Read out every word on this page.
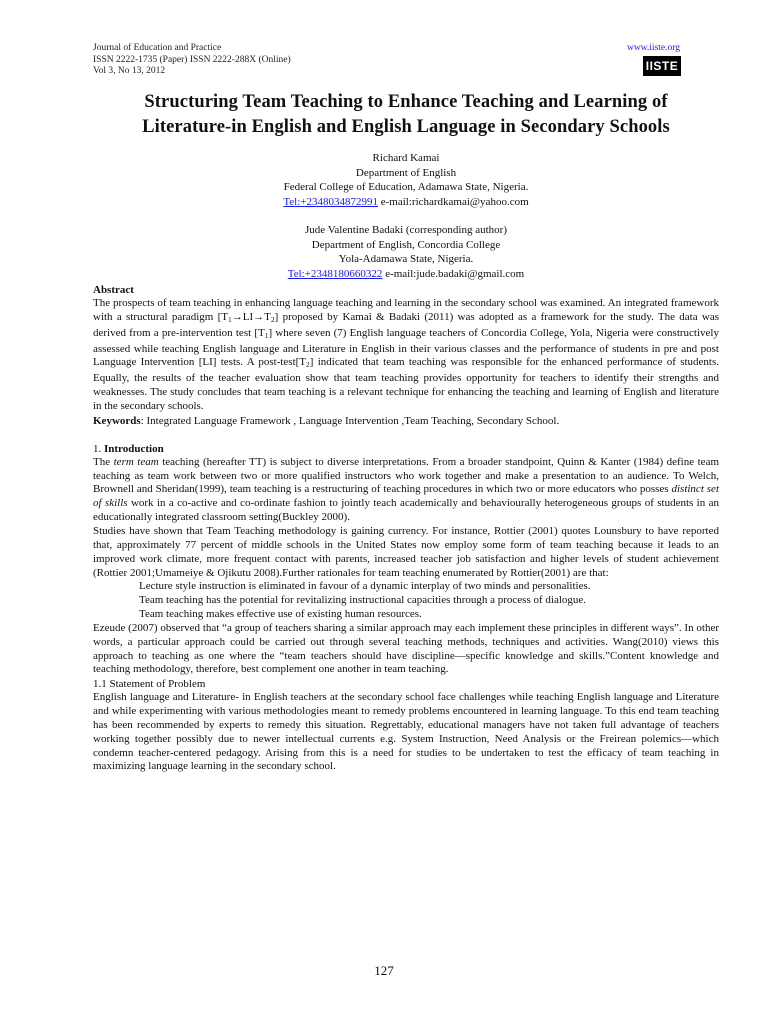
Journal of Education and Practice
ISSN 2222-1735 (Paper) ISSN 2222-288X (Online)
Vol 3, No 13, 2012
www.iiste.org
IISTE
Structuring Team Teaching to Enhance Teaching and Learning of
Literature-in English and English Language in Secondary Schools
Richard Kamai
Department of English
Federal College of Education, Adamawa State, Nigeria.
Tel:+2348034872991 e-mail:richardkamai@yahoo.com
Jude Valentine Badaki (corresponding author)
Department of English, Concordia College
Yola-Adamawa State, Nigeria.
Tel:+2348180660322 e-mail:jude.badaki@gmail.com
Abstract

The prospects of team teaching in enhancing language teaching and learning in the secondary school was examined. An integrated framework with a structural paradigm $[T_1\to LI\to T_2]$ proposed by Kamai & Badaki (2011) was adopted as a framework for the study. The data was derived from a pre-intervention test $[T_1]$ where seven (7) English language teachers of Concordia College, Yola, Nigeria were constructively assessed while teaching English language and Literature in English in their various classes and the performance of students in pre and post Language Intervention [LI] tests. A post-$test[T_2]$ indicated that team teaching was responsible for the enhanced performance of students. Equally, the results of the teacher evaluation show that team teaching provides opportunity for teachers to identify their strengths and weaknesses. The study concludes that team teaching is a relevant technique for enhancing the teaching and learning of English and literature in the secondary schools.

Keywords: Integrated Language Framework , Language Intervention ,Team Teaching, Secondary School.

1. Introduction

The term team teaching (hereafter TT) is subject to diverse interpretations. From a broader standpoint, Quinn & Kanter (1984) define team teaching as team work between two or more qualified instructors who work together and make a presentation to an audience. To Welch, Brownell and Sheridan(1999), team teaching is a restructuring of teaching procedures in which two or more educators who posses distinct set of skills work in a co-active and co-ordinate fashion to jointly teach academically and behaviourally heterogeneous groups of students in an educationally integrated classroom setting(Buckley 2000).

Studies have shown that Team Teaching methodology is gaining currency. For instance, Rottier (2001) quotes Lounsbury to have reported that, approximately 77 percent of middle schools in the United States now employ some form of team teaching because it leads to an improved work climate, more frequent contact with parents, increased teacher job satisfaction and higher levels of student achievement (Rottier 2001;Umameiye & Ojikutu 2008).Further rationales for team teaching enumerated by Rottier(2001) are that:

Lecture style instruction is eliminated in favour of a dynamic interplay of two minds and personalities.

Team teaching has the potential for revitalizing instructional capacities through a process of dialogue.

Team teaching makes effective use of existing human resources.

Ezeude (2007) observed that “a group of teachers sharing a similar approach may each implement these principles in different ways”. In other words, a particular approach could be carried out through several teaching methods, techniques and activities. Wang(2010) views this approach to teaching as one where the “team teachers should have discipline—specific knowledge and skills.”Content knowledge and teaching methodology, therefore, best complement one another in team teaching.

1.1 Statement of Problem

English language and Literature- in English teachers at the secondary school face challenges while teaching English language and Literature and while experimenting with various methodologies meant to remedy problems encountered in learning language. To this end team teaching has been recommended by experts to remedy this situation. Regrettably, educational managers have not taken full advantage of teachers working together possibly due to newer intellectual currents e.g. System Instruction, Need Analysis or the Freirean polemics—which condemn teacher-centered pedagogy. Arising from this is a need for studies to be undertaken to test the efficacy of team teaching in maximizing language learning in the secondary school.

127
